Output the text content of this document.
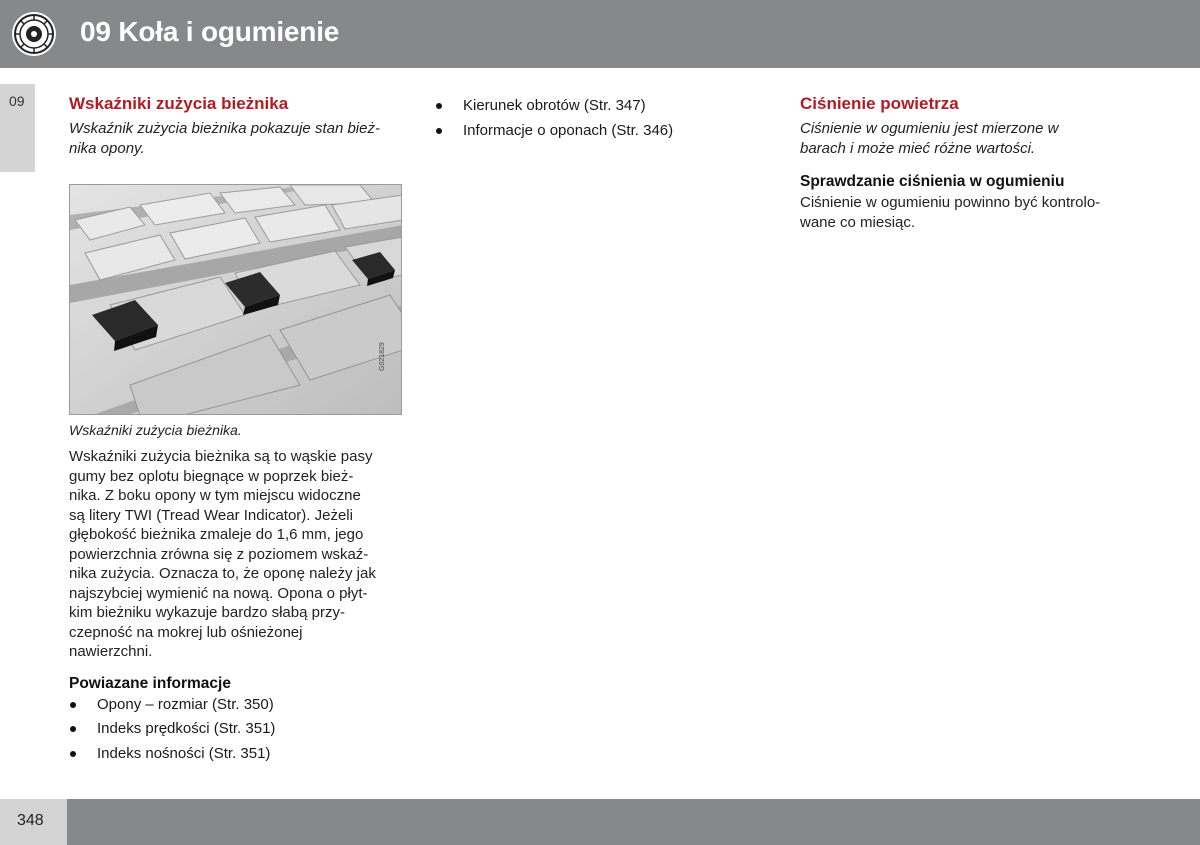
09 Koła i ogumienie
09	Wskaźniki zużycia bieżnika
Wskaźnik zużycia bieżnika pokazuje stan bież-
nika opony.
G021829
Wskaźniki zużycia bieżnika.
Wskaźniki zużycia bieżnika są to wąskie pasy
gumy bez oplotu biegnące w poprzek bież-
nika. Z boku opony w tym miejscu widoczne
są litery TWI (Tread Wear Indicator). Jeżeli
głębokość bieżnika zmaleje do 1,6 mm, jego
powierzchnia zrówna się z poziomem wskaź-
nika zużycia. Oznacza to, że oponę należy jak
najszybciej wymienić na nową. Opona o płyt-
kim bieżniku wykazuje bardzo słabą przy-
czepność na mokrej lub ośnieżonej
nawierzchni.
Powiazane informacje
Opony – rozmiar (Str. 350)
Indeks prędkości (Str. 351)
Indeks nośności (Str. 351)
Kierunek obrotów (Str. 347)
Informacje o oponach (Str. 346)
Ciśnienie powietrza
Ciśnienie w ogumieniu jest mierzone w
barach i może mieć różne wartości.
Sprawdzanie ciśnienia w ogumieniu
Ciśnienie w ogumieniu powinno być kontrolo-
wane co miesiąc.
348
